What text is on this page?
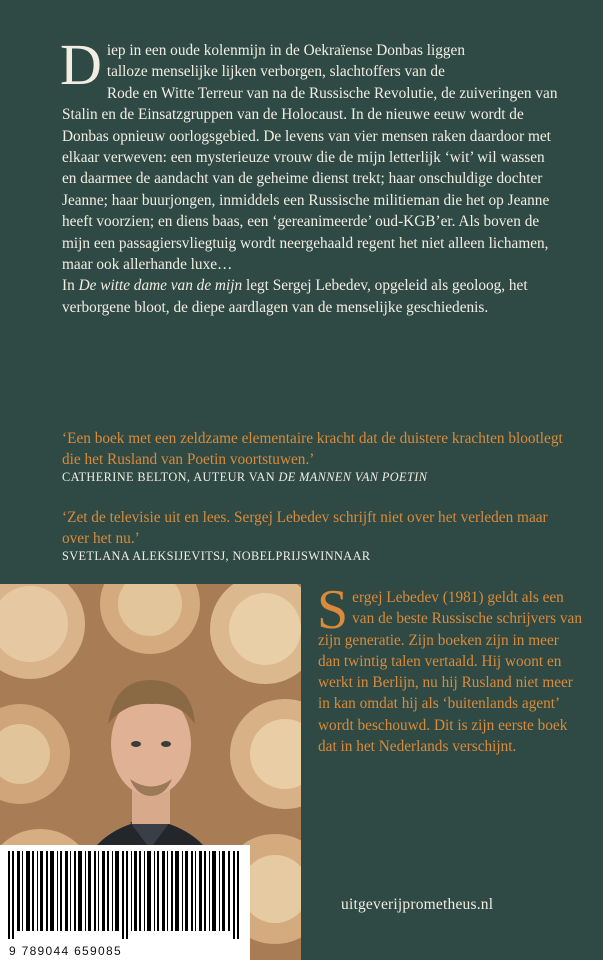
Diep in een oude kolenmijn in de Oekraïense Donbas liggen
talloze menselijke lijken verborgen, slachtoffers van de
Rode en Witte Terreur van na de Russische Revolutie, de zuiveringen van Stalin en de Einsatzgruppen van de Holocaust. In de nieuwe eeuw wordt de Donbas opnieuw oorlogsgebied. De levens van vier mensen raken daardoor met elkaar verweven: een mysterieuze vrouw die de mijn letterlijk ‘wit’ wil wassen en daarmee de aandacht van de geheime dienst trekt; haar onschuldige dochter Jeanne; haar buurjongen, inmiddels een Russische militieman die het op Jeanne heeft voorzien; en diens baas, een ‘gereanimeerde’ oud-KGB’er. Als boven de mijn een passagiersvliegtuig wordt neergehaald regent het niet alleen lichamen, maar ook allerhande luxe…
In De witte dame van de mijn legt Sergej Lebedev, opgeleid als geoloog, het verborgene bloot, de diepe aardlagen van de menselijke geschiedenis.

‘Een boek met een zeldzame elementaire kracht dat de duistere krachten blootlegt die het Rusland van Poetin voortstuwen.’

CATHERINE BELTON, AUTEUR VAN DE MANNEN VAN POETIN

‘Zet de televisie uit en lees. Sergej Lebedev schrijft niet over het verleden maar over het nu.’

SVETLANA ALEKSIJEVITSJ, NOBELPRIJSWINNAAR

9 789044 659085
Sergej Lebedev (1981) geldt als een van de beste Russische schrijvers van zijn generatie. Zijn boeken zijn in meer dan twintig talen vertaald. Hij woont en werkt in Berlijn, nu hij Rusland niet meer in kan omdat hij als ‘buitenlands agent’ wordt beschouwd. Dit is zijn eerste boek dat in het Nederlands verschijnt.
uitgeverijprometheus.nl
